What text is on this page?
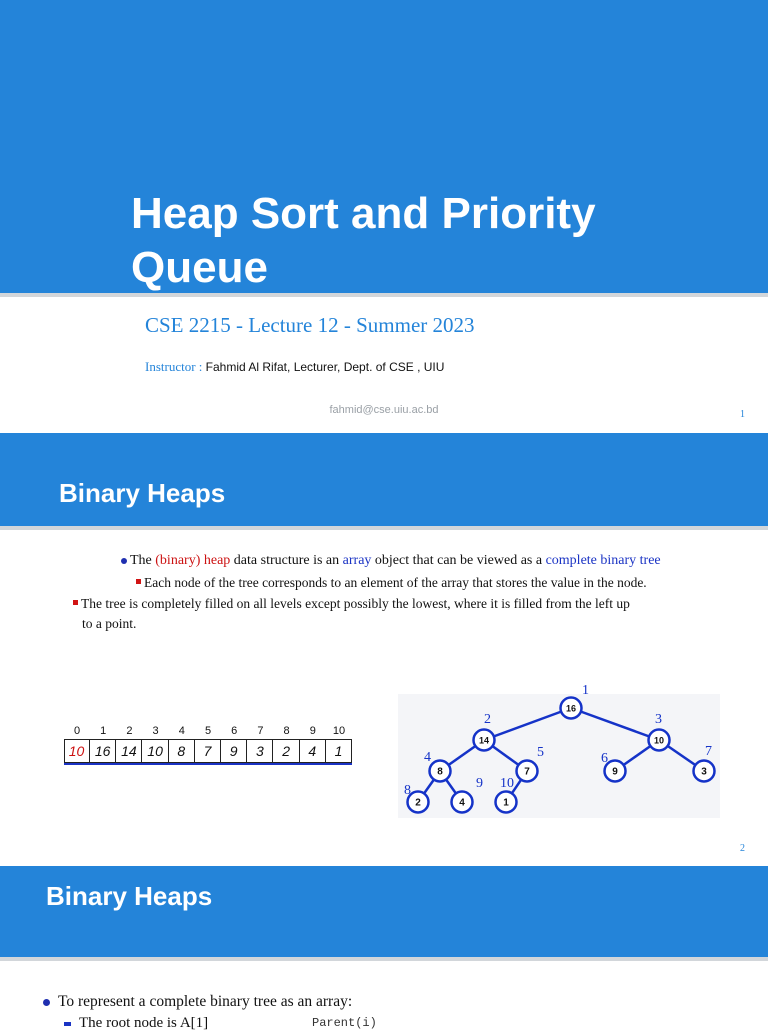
Heap Sort and Priority
Queue
CSE 2215 - Lecture 12 - Summer 2023
Instructor : Fahmid Al Rifat, Lecturer, Dept. of CSE , UIU
fahmid@cse.uiu.ac.bd	1
Binary Heaps
The (binary) heap data structure is an array object that can be viewed as a complete binary tree
Each node of the tree corresponds to an element of the array that stores the value in the node.
The tree is completely filled on all levels except possibly the lowest, where it is filled from the left up
to a point.
0	1	2	3	4	5	6	7	8	9	10
10 16 14 10	8	7	9	3	2	4	1
16
1
14
2
10
3
8
4
7
5
9
6
3
7
2
8
4
9
1
10
2
Binary Heaps
To represent a complete binary tree as an array:
The root node is A[1]	Parent(i)
